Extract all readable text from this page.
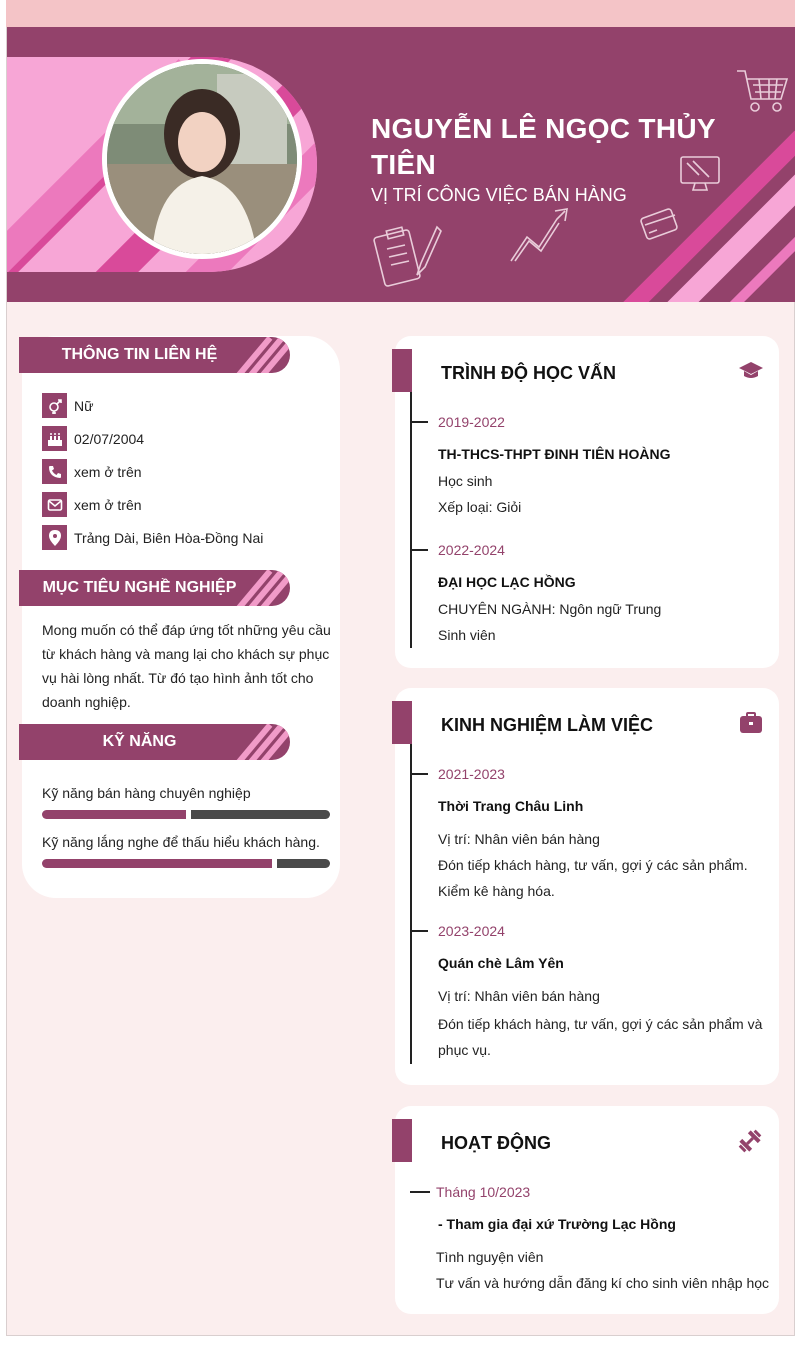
NGUYỄN LÊ NGỌC THỦY TIÊN
VỊ TRÍ CÔNG VIỆC BÁN HÀNG
THÔNG TIN LIÊN HỆ
Nữ
02/07/2004
xem ở trên
xem ở trên
Trảng Dài, Biên Hòa-Đồng Nai
MỤC TIÊU NGHỀ NGHIỆP
Mong muốn có thể đáp ứng tốt những yêu cầu từ khách hàng và mang lại cho khách sự phục vụ hài lòng nhất. Từ đó tạo hình ảnh tốt cho doanh nghiệp.
KỸ NĂNG
Kỹ năng bán hàng chuyên nghiệp
Kỹ năng lắng nghe để thấu hiểu khách hàng.
TRÌNH ĐỘ HỌC VẤN
2019-2022
TH-THCS-THPT ĐINH TIÊN HOÀNG
Học sinh
Xếp loại: Giỏi
2022-2024
ĐẠI HỌC LẠC HỒNG
CHUYÊN NGÀNH: Ngôn ngữ Trung
Sinh viên
KINH NGHIỆM LÀM VIỆC
2021-2023
Thời Trang Châu Linh
Vị trí: Nhân viên bán hàng
Đón tiếp khách hàng, tư vấn, gợi ý các sản phẩm. Kiểm kê hàng hóa.
2023-2024
Quán chè Lâm Yên
Vị trí: Nhân viên bán hàng
Đón tiếp khách hàng, tư vấn, gợi ý các sản phẩm và phục vụ.
HOẠT ĐỘNG
Tháng 10/2023
- Tham gia đại xứ Trường Lạc Hồng
Tình nguyện viên
Tư vấn và hướng dẫn đăng kí cho sinh viên nhập học
